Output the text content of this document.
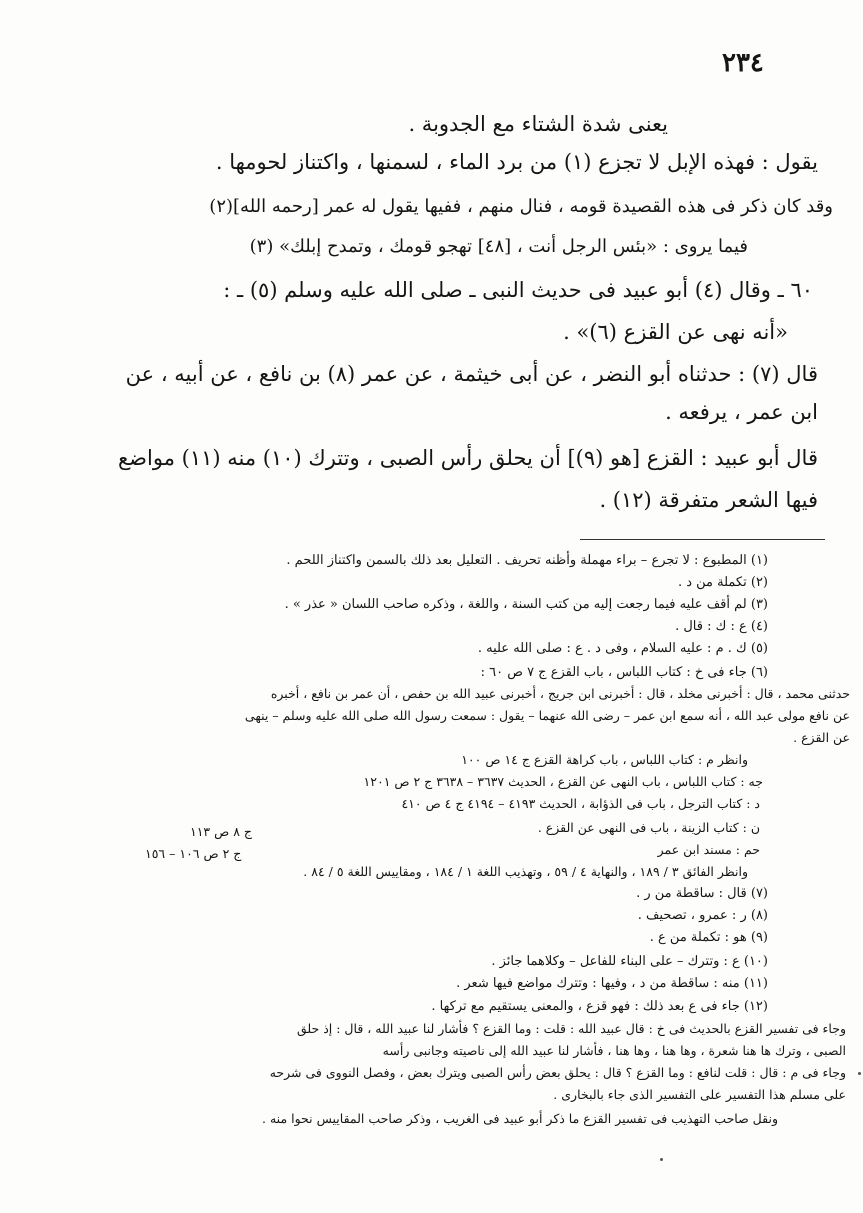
٢٣٤
يعنى شدة الشتاء مع الجدوبة .
يقول : فهذه الإبل لا تجزع (١) من برد الماء ، لسمنها ، واكتناز لحومها .
وقد كان ذكر فى هذه القصيدة قومه ، فنال منهم ، ففيها يقول له عمر [رحمه الله](٢)
فيما يروى : «بئس الرجل أنت ، [٤٨] تهجو قومك ، وتمدح إبلك» (٣)
٦٠ ـ وقال (٤) أبو عبيد فى حديث النبى ـ صلى الله عليه وسلم (٥) ـ :
«أنه نهى عن القزع (٦)» .
قال (٧) : حدثناه أبو النضر ، عن أبى خيثمة ، عن عمر (٨) بن نافع ، عن أبيه ، عن
ابن عمر ، يرفعه .
قال أبو عبيد : القزع [هو (٩)] أن يحلق رأس الصبى ، وتترك (١٠) منه (١١) مواضع
فيها الشعر متفرقة (١٢) .
(١) المطبوع : لا تجرع – براء مهملة وأظنه تحريف . التعليل بعد ذلك بالسمن واكتناز اللحم .
(٢) تكملة من د .
(٣) لم أقف عليه فيما رجعت إليه من كتب السنة ، واللغة ، وذكره صاحب اللسان « عذر » .
(٤) ع : ك : قال .
(٥) ك . م : عليه السلام ، وفى د . ع : صلى الله عليه .
(٦) جاء فى خ : كتاب اللباس ، باب القزع ج ٧ ص ٦٠ :
حدثنى محمد ، قال : أخبرنى مخلد ، قال : أخبرنى ابن جريج ، أخبرنى عبيد الله بن حفص ، أن عمر بن نافع ، أخبره
عن نافع مولى عبد الله ، أنه سمع ابن عمر – رضى الله عنهما – يقول : سمعت رسول الله صلى الله عليه وسلم – ينهى
عن القزع .
وانظر م : كتاب اللباس ، باب كراهة القزع ج ١٤ ص ١٠٠
جه : كتاب اللباس ، باب النهى عن القزع ، الحديث ٣٦٣٧ – ٣٦٣٨ ج ٢ ص ١٢٠١
د : كتاب الترجل ، باب فى الذؤابة ، الحديث ٤١٩٣ – ٤١٩٤ ج ٤ ص ٤١٠
ن : كتاب الزينة ، باب فى النهى عن القزع .
حم : مسند ابن عمر
وانظر الفائق ٣ / ١٨٩ ، والنهاية ٤ / ٥٩ ، وتهذيب اللغة ١ / ١٨٤ ، ومقاييس اللغة ٥ / ٨٤ .
(٧) قال : ساقطة من ر .
(٨) ر : عمرو ، تصحيف .
(٩) هو : تكملة من ع .
(١٠) ع : وتترك – على البناء للفاعل – وكلاهما جائز .
(١١) منه : ساقطة من د ، وفيها : وتترك مواضع فيها شعر .
(١٢) جاء فى ع بعد ذلك : فهو قزع ، والمعنى يستقيم مع تركها .
وجاء فى تفسير القزع بالحديث فى خ : قال عبيد الله : قلت : وما القزع ؟ فأشار لنا عبيد الله ، قال : إذ حلق
الصبى ، وترك ها هنا شعرة ، وها هنا ، وها هنا ، فأشار لنا عبيد الله إلى ناصيته وجانبى رأسه
وجاء فى م : قال : قلت لنافع : وما القزع ؟ قال : يحلق بعض رأس الصبى ويترك بعض ، وفصل النووى فى شرحه
على مسلم هذا التفسير على التفسير الذى جاء بالبخارى .
ونقل صاحب التهذيب فى تفسير القزع ما ذكر أبو عبيد فى الغريب ، وذكر صاحب المقاييس نحوا منه .
ج ٨ ص ١١٣
ج ٢ ص ١٠٦ – ١٥٦
